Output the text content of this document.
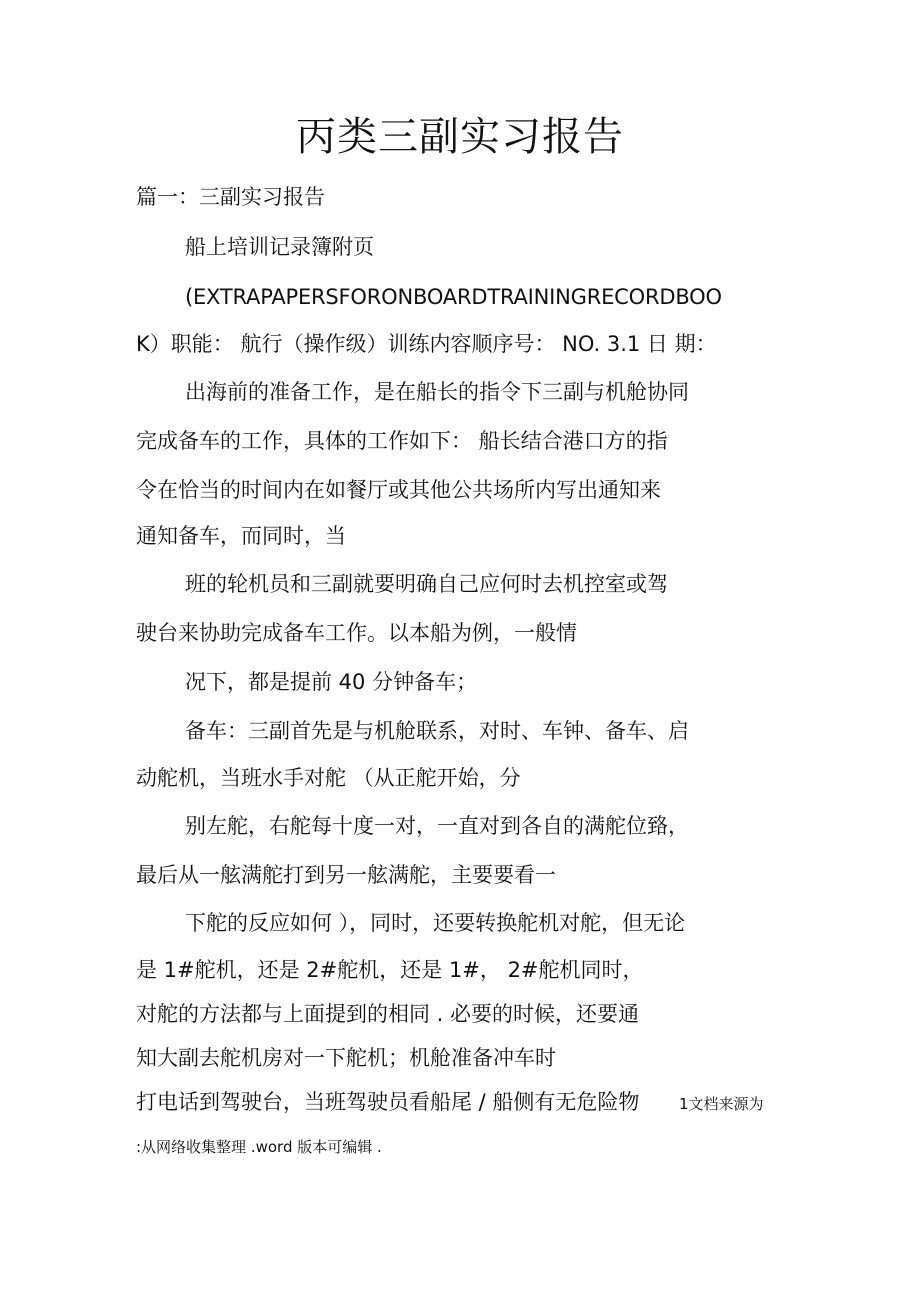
丙类三副实习报告
篇一：三副实习报告
船上培训记录簿附页
(EXTRAPAPERSFORONBOARDTRAININGRECORDBOO
K）职能： 航行（操作级）训练内容顺序号： NO. 3.1 日 期：
出海前的准备工作，是在船长的指令下三副与机舱协同
完成备车的工作，具体的工作如下： 船长结合港口方的指
令在恰当的时间内在如餐厅或其他公共场所内写出通知来
通知备车，而同时，当
班的轮机员和三副就要明确自己应何时去机控室或驾
驶台来协助完成备车工作。以本船为例，一般情
况下，都是提前 40 分钟备车；
备车：三副首先是与机舱联系，对时、车钟、备车、启
动舵机，当班水手对舵 （从正舵开始，分
别左舵，右舵每十度一对，一直对到各自的满舵位臵，
最后从一舷满舵打到另一舷满舵，主要要看一
下舵的反应如何 ），同时，还要转换舵机对舵，但无论
是 1#舵机，还是 2#舵机，还是 1#， 2#舵机同时，
对舵的方法都与上面提到的相同 . 必要的时候，还要通
知大副去舵机房对一下舵机；机舱准备冲车时
打电话到驾驶台，当班驾驶员看船尾 / 船侧有无危险物	1文档来源为
:从网络收集整理 .word 版本可编辑 .
